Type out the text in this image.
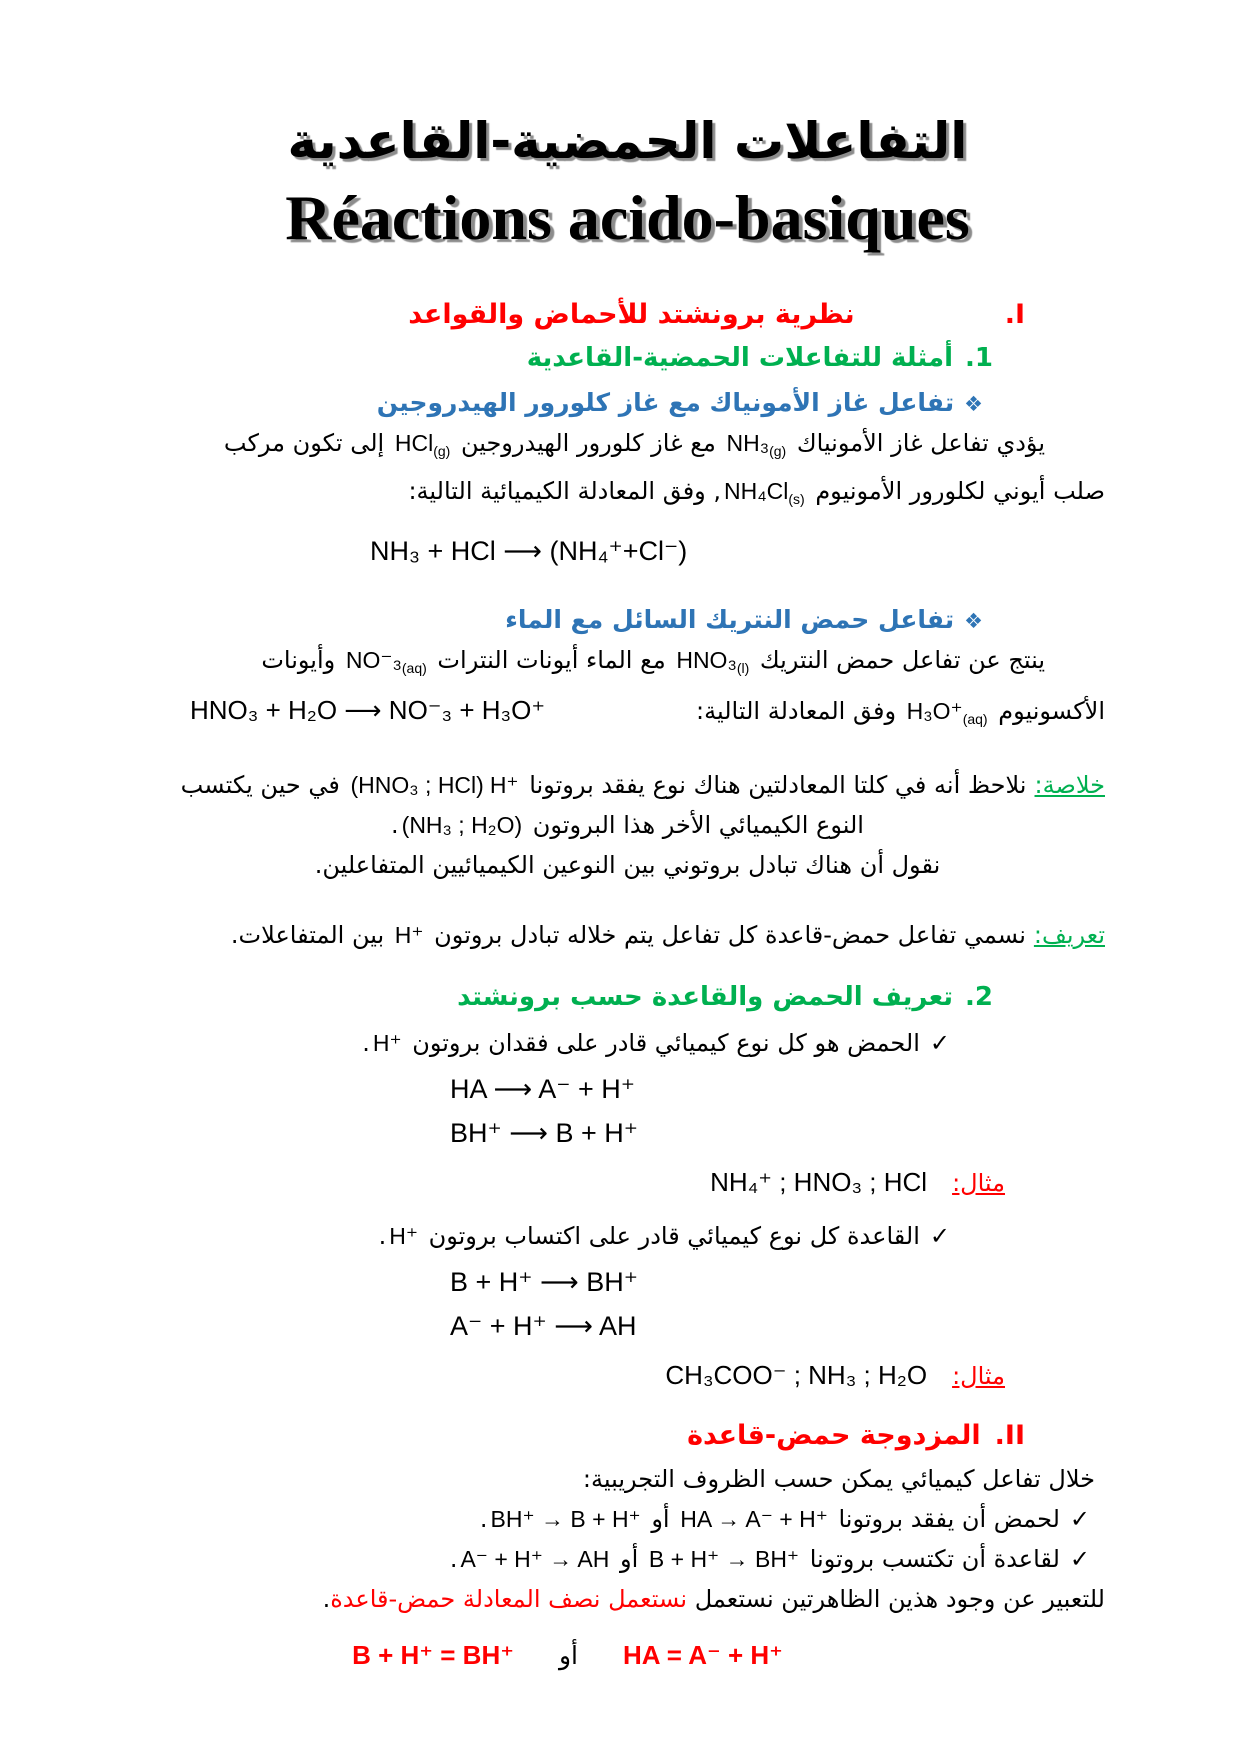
التفاعلات الحمضية-القاعدية
Réactions acido-basiques
.I
نظرية برونشتد للأحماض والقواعد
.1
أمثلة للتفاعلات الحمضية-القاعدية
❖
تفاعل غاز الأمونياك مع غاز كلورور الهيدروجين
يؤدي تفاعل غاز الأمونياك $NH_3_{(g)}$ مع غاز كلورور الهيدروجين HCl$_{(g)}$ إلى تكون مركب
صلب أيوني لكلورور الأمونيوم $NH_4Cl_{(s)}$, وفق المعادلة الكيميائية التالية:
NH₃ + HCl ⟶ (NH₄⁺+Cl⁻)
❖
تفاعل حمض النتريك السائل مع الماء
ينتج عن تفاعل حمض النتريك $HNO_3_{(l)}$ مع الماء أيونات النترات $NO^-_3_{(aq)}$ وأيونات
الأكسونيوم $H_3O^+_{(aq)}$ وفق المعادلة التالية:
HNO₃ + H₂O ⟶ NO⁻₃ + H₃O⁺
خلاصة:نلاحظ أنه في كلتا المعادلتين هناك نوع يفقد بروتونا H⁺(HNO₃ ; HCl) في حين يكتسب
النوع الكيميائي الأخر هذا البروتون (NH₃ ; H₂O).
نقول أن هناك تبادل بروتوني بين النوعين الكيميائيين المتفاعلين.
تعريف:نسمي تفاعل حمض-قاعدة كل تفاعل يتم خلاله تبادل بروتون H⁺ بين المتفاعلات.
.2
تعريف الحمض والقاعدة حسب برونشتد
✓الحمض هو كل نوع كيميائي قادر على فقدان بروتون H⁺.
HA ⟶ A⁻ + H⁺
BH⁺ ⟶ B + H⁺
مثال:
NH₄⁺ ; HNO₃ ; HCl
✓القاعدة كل نوع كيميائي قادر على اكتساب بروتون H⁺.
B + H⁺ ⟶ BH⁺
A⁻ + H⁺ ⟶ AH
مثال:
CH₃COO⁻ ; NH₃ ; H₂O
.II
المزدوجة حمض-قاعدة
خلال تفاعل كيميائي يمكن حسب الظروف التجريبية:
✓لحمض أن يفقد بروتونا HA → A⁻ + H⁺ أو BH⁺ → B + H⁺.
✓لقاعدة أن تكتسب بروتونا B + H⁺ → BH⁺ أو A⁻ + H⁺ → AH.
للتعبير عن وجود هذين الظاهرتين نستعمل نستعمل نصف المعادلة حمض-قاعدة.
B + H⁺ = BH⁺ أو HA = A⁻ + H⁺
